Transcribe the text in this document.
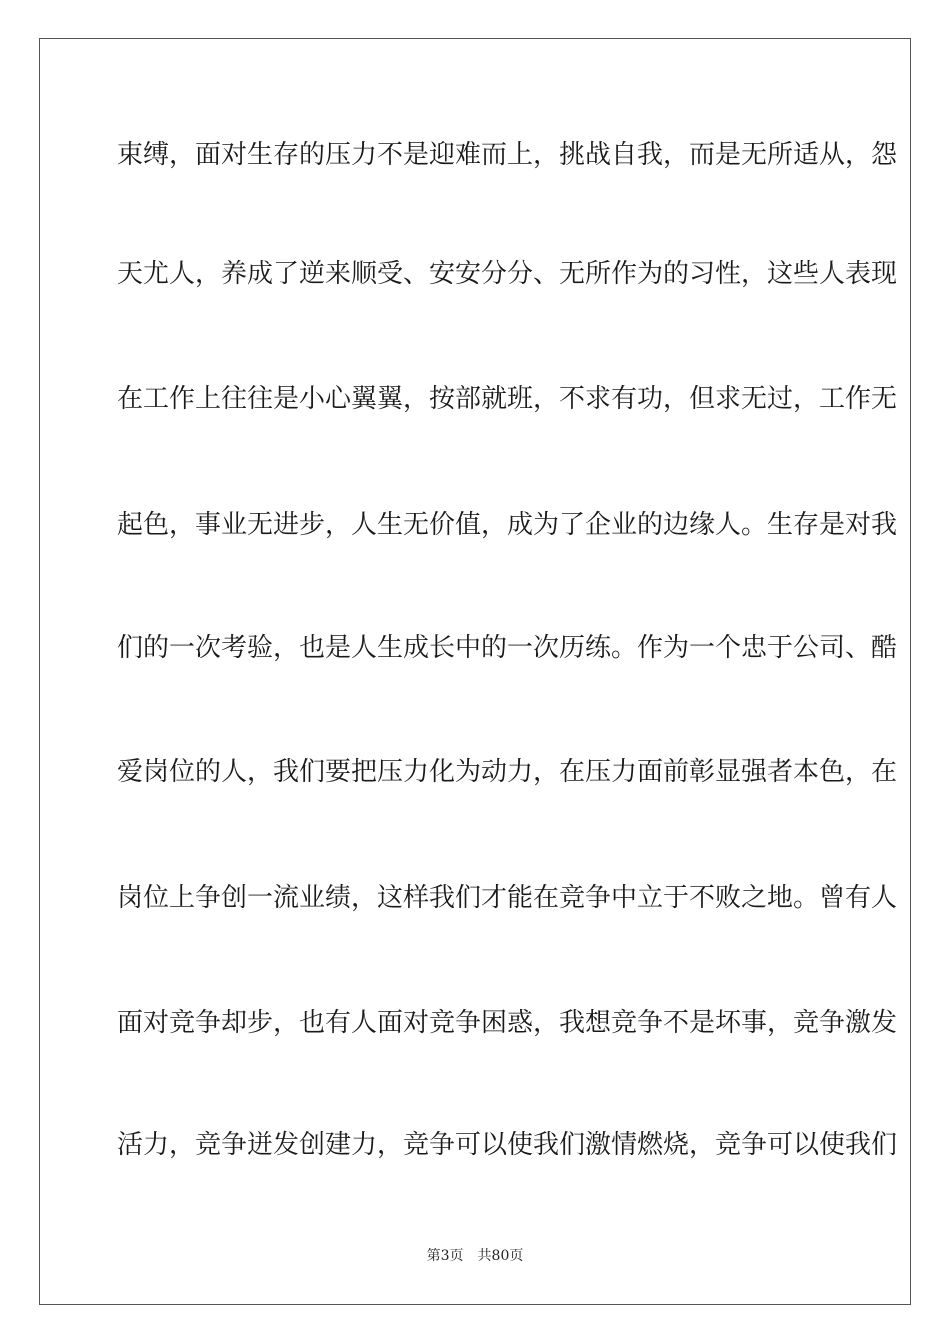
束缚，面对生存的压力不是迎难而上，挑战自我，而是无所适从，怨
天尤人，养成了逆来顺受、安安分分、无所作为的习性，这些人表现
在工作上往往是小心翼翼，按部就班，不求有功，但求无过，工作无
起色，事业无进步，人生无价值，成为了企业的边缘人。生存是对我
们的一次考验，也是人生成长中的一次历练。作为一个忠于公司、酷
爱岗位的人，我们要把压力化为动力，在压力面前彰显强者本色，在
岗位上争创一流业绩，这样我们才能在竞争中立于不败之地。曾有人
面对竞争却步，也有人面对竞争困惑，我想竞争不是坏事，竞争激发
活力，竞争迸发创建力，竞争可以使我们激情燃烧，竞争可以使我们
第3页 共80页
